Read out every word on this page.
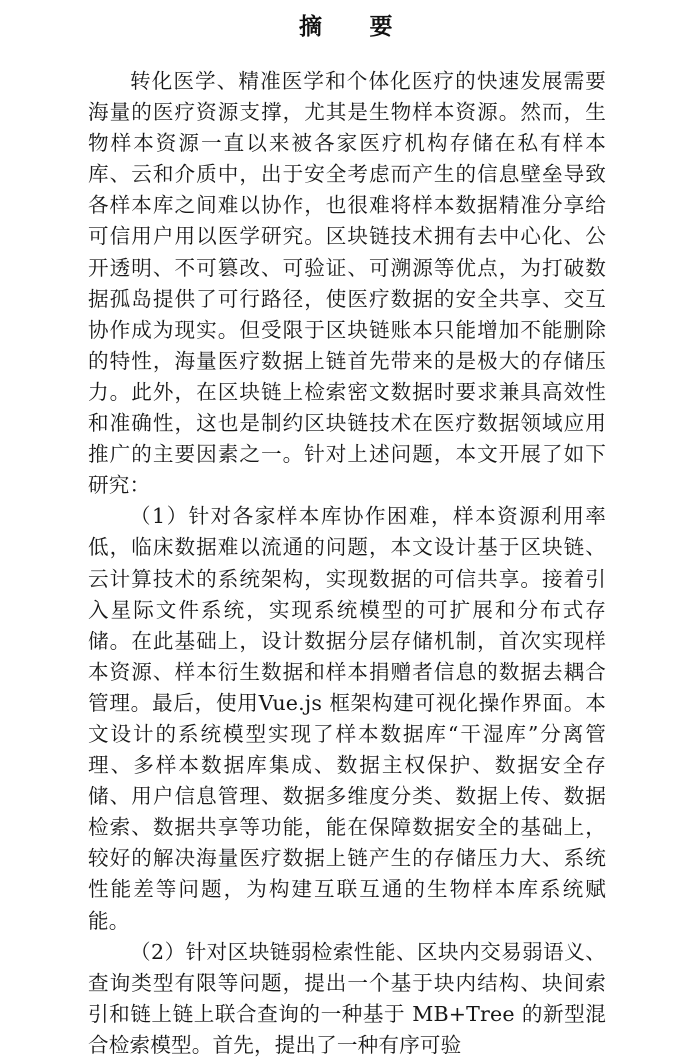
摘　　要

转化医学、精准医学和个体化医疗的快速发展需要海量的医疗资源支撑，尤其是生物样本资源。然而，生物样本资源一直以来被各家医疗机构存储在私有样本库、云和介质中，出于安全考虑而产生的信息壁垒导致各样本库之间难以协作，也很难将样本数据精准分享给可信用户用以医学研究。区块链技术拥有去中心化、公开透明、不可篡改、可验证、可溯源等优点，为打破数据孤岛提供了可行路径，使医疗数据的安全共享、交互协作成为现实。但受限于区块链账本只能增加不能删除的特性，海量医疗数据上链首先带来的是极大的存储压力。此外，在区块链上检索密文数据时要求兼具高效性和准确性，这也是制约区块链技术在医疗数据领域应用推广的主要因素之一。针对上述问题，本文开展了如下研究：

（1）针对各家样本库协作困难，样本资源利用率低，临床数据难以流通的问题，本文设计基于区块链、云计算技术的系统架构，实现数据的可信共享。接着引入星际文件系统，实现系统模型的可扩展和分布式存储。在此基础上，设计数据分层存储机制，首次实现样本资源、样本衍生数据和样本捐赠者信息的数据去耦合管理。最后，使用Vue.js 框架构建可视化操作界面。本文设计的系统模型实现了样本数据库“干湿库”分离管理、多样本数据库集成、数据主权保护、数据安全存储、用户信息管理、数据多维度分类、数据上传、数据检索、数据共享等功能，能在保障数据安全的基础上，较好的解决海量医疗数据上链产生的存储压力大、系统性能差等问题，为构建互联互通的生物样本库系统赋能。

（2）针对区块链弱检索性能、区块内交易弱语义、查询类型有限等问题，提出一个基于块内结构、块间索引和链上链上联合查询的一种基于 MB+Tree 的新型混合检索模型。首先，提出了一种有序可验
